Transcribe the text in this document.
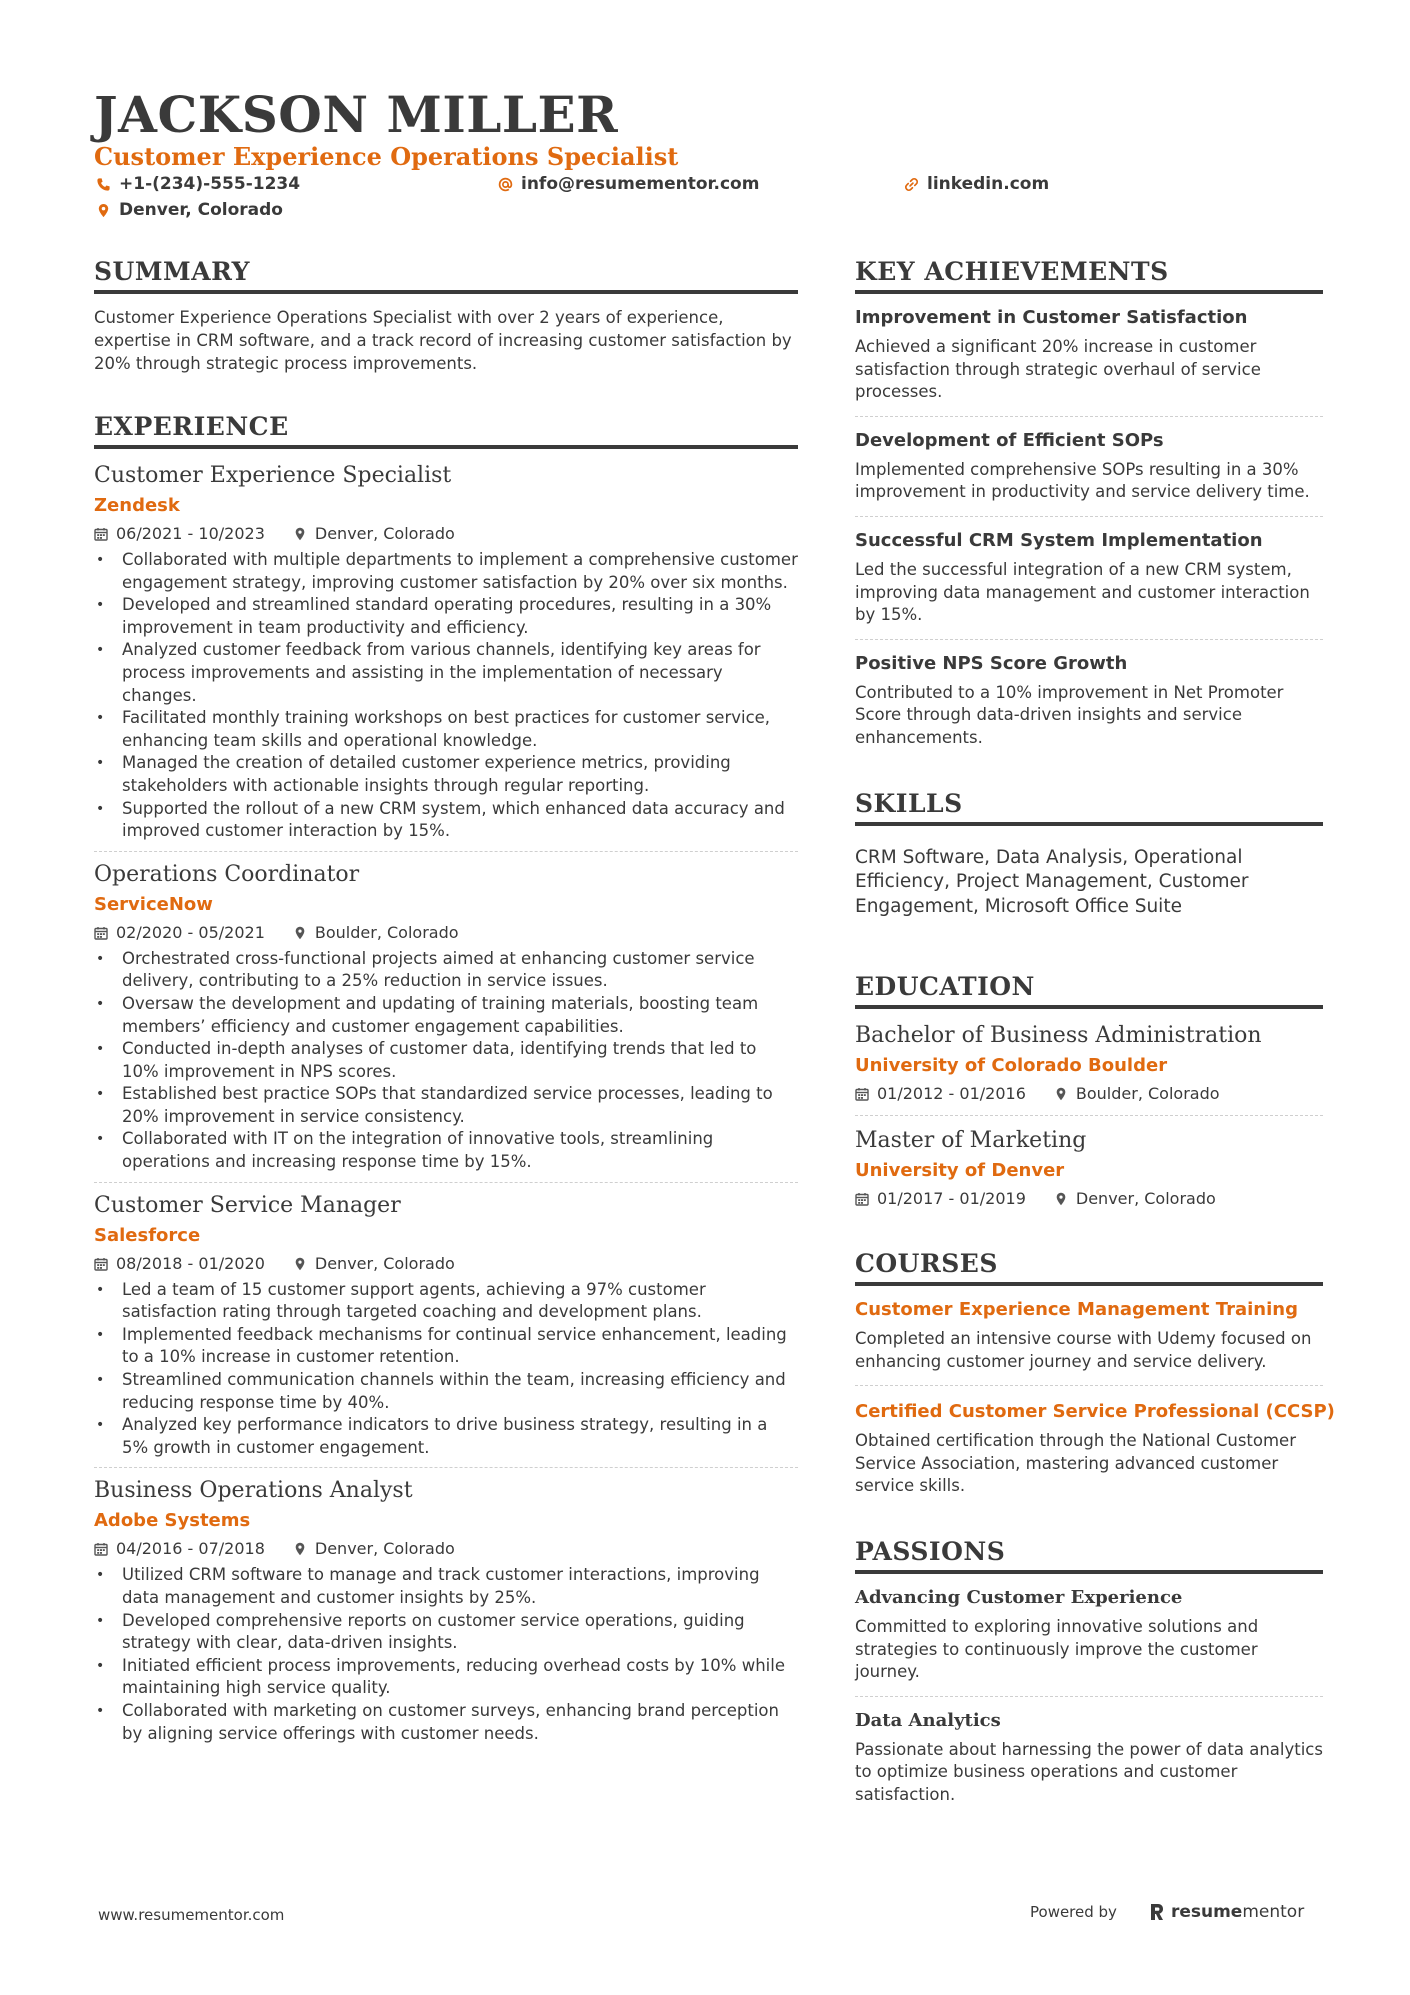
JACKSON MILLER
Customer Experience Operations Specialist
+1-(234)-555-1234	info@resumementor.com	linkedin.com
Denver, Colorado
SUMMARY
Customer Experience Operations Specialist with over 2 years of experience, expertise in CRM software, and a track record of increasing customer satisfaction by 20% through strategic process improvements.
EXPERIENCE
Customer Experience Specialist
Zendesk
06/2021 - 10/2023	Denver, Colorado
• Collaborated with multiple departments to implement a comprehensive customer engagement strategy, improving customer satisfaction by 20% over six months.
• Developed and streamlined standard operating procedures, resulting in a 30% improvement in team productivity and efficiency.
• Analyzed customer feedback from various channels, identifying key areas for process improvements and assisting in the implementation of necessary changes.
• Facilitated monthly training workshops on best practices for customer service, enhancing team skills and operational knowledge.
• Managed the creation of detailed customer experience metrics, providing stakeholders with actionable insights through regular reporting.
• Supported the rollout of a new CRM system, which enhanced data accuracy and improved customer interaction by 15%.
Operations Coordinator
ServiceNow
02/2020 - 05/2021	Boulder, Colorado
• Orchestrated cross-functional projects aimed at enhancing customer service delivery, contributing to a 25% reduction in service issues.
• Oversaw the development and updating of training materials, boosting team members’ efficiency and customer engagement capabilities.
• Conducted in-depth analyses of customer data, identifying trends that led to 10% improvement in NPS scores.
• Established best practice SOPs that standardized service processes, leading to 20% improvement in service consistency.
• Collaborated with IT on the integration of innovative tools, streamlining operations and increasing response time by 15%.
Customer Service Manager
Salesforce
08/2018 - 01/2020	Denver, Colorado
• Led a team of 15 customer support agents, achieving a 97% customer satisfaction rating through targeted coaching and development plans.
• Implemented feedback mechanisms for continual service enhancement, leading to a 10% increase in customer retention.
• Streamlined communication channels within the team, increasing efficiency and reducing response time by 40%.
• Analyzed key performance indicators to drive business strategy, resulting in a 5% growth in customer engagement.
Business Operations Analyst
Adobe Systems
04/2016 - 07/2018	Denver, Colorado
• Utilized CRM software to manage and track customer interactions, improving data management and customer insights by 25%.
• Developed comprehensive reports on customer service operations, guiding strategy with clear, data-driven insights.
• Initiated efficient process improvements, reducing overhead costs by 10% while maintaining high service quality.
• Collaborated with marketing on customer surveys, enhancing brand perception by aligning service offerings with customer needs.
KEY ACHIEVEMENTS
Improvement in Customer Satisfaction
Achieved a significant 20% increase in customer satisfaction through strategic overhaul of service processes.
Development of Efficient SOPs
Implemented comprehensive SOPs resulting in a 30% improvement in productivity and service delivery time.
Successful CRM System Implementation
Led the successful integration of a new CRM system, improving data management and customer interaction by 15%.
Positive NPS Score Growth
Contributed to a 10% improvement in Net Promoter Score through data-driven insights and service enhancements.
SKILLS
CRM Software, Data Analysis, Operational Efficiency, Project Management, Customer Engagement, Microsoft Office Suite
EDUCATION
Bachelor of Business Administration
University of Colorado Boulder
01/2012 - 01/2016	Boulder, Colorado
Master of Marketing
University of Denver
01/2017 - 01/2019	Denver, Colorado
COURSES
Customer Experience Management Training
Completed an intensive course with Udemy focused on enhancing customer journey and service delivery.
Certified Customer Service Professional (CCSP)
Obtained certification through the National Customer Service Association, mastering advanced customer service skills.
PASSIONS
Advancing Customer Experience
Committed to exploring innovative solutions and strategies to continuously improve the customer journey.
Data Analytics
Passionate about harnessing the power of data analytics to optimize business operations and customer satisfaction.
www.resumementor.com	Powered by	resume mentor
